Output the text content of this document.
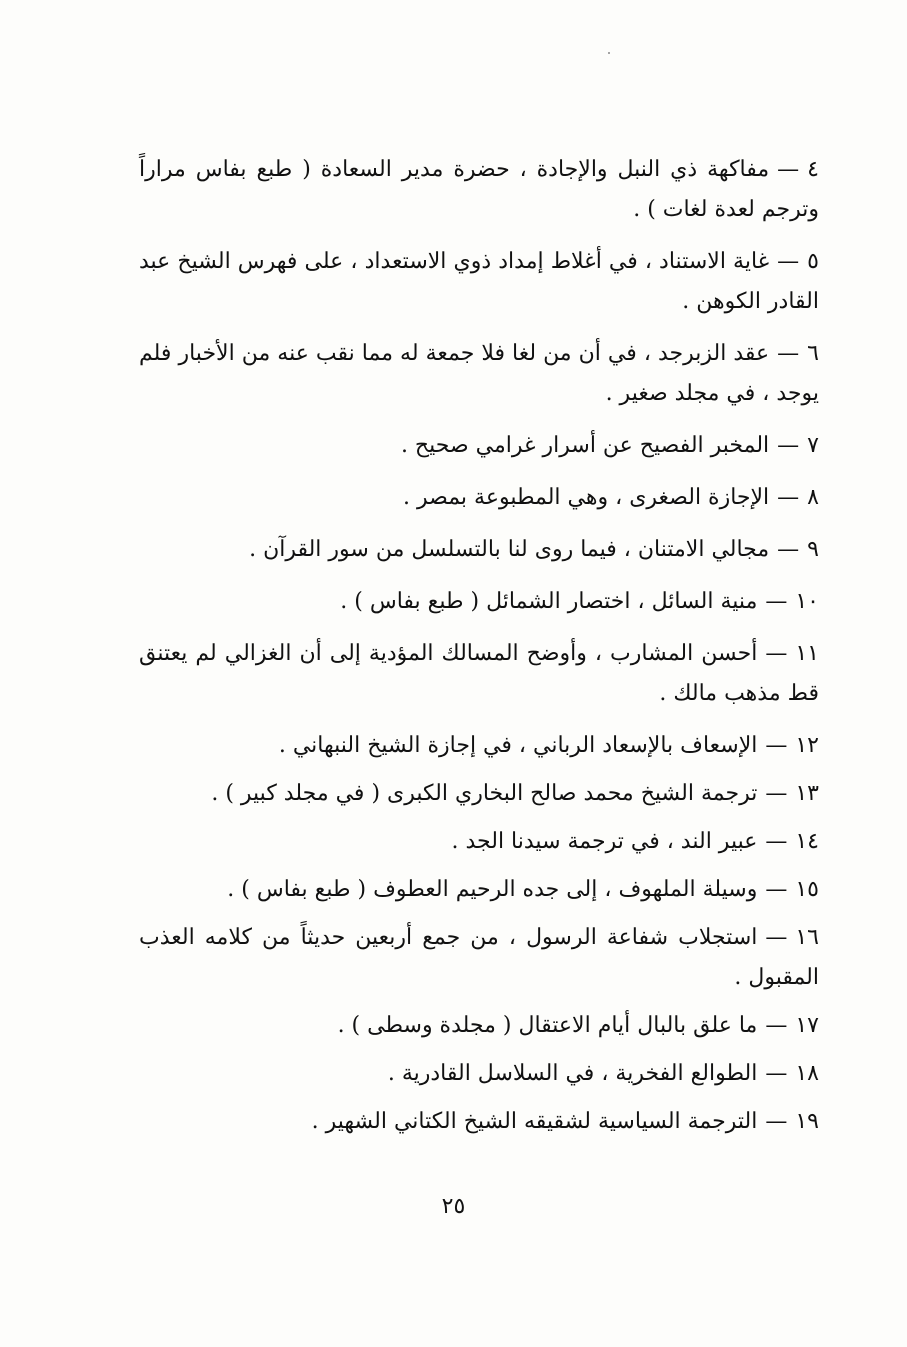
٤—مفاكهة ذي النبل والإجادة ، حضرة مدير السعادة ( طبع بفاس مراراً وترجم لعدة لغات ) .

٥—غاية الاستناد ، في أغلاط إمداد ذوي الاستعداد ، على فهرس الشيخ عبد القادر الكوهن .

٦—عقد الزبرجد ، في أن من لغا فلا جمعة له مما نقب عنه من الأخبار فلم يوجد ، في مجلد صغير .

٧—المخبر الفصيح عن أسرار غرامي صحيح .

٨—الإجازة الصغرى ، وهي المطبوعة بمصر .

٩—مجالي الامتنان ، فيما روى لنا بالتسلسل من سور القرآن .

١٠—منية السائل ، اختصار الشمائل ( طبع بفاس ) .

١١—أحسن المشارب ، وأوضح المسالك المؤدية إلى أن الغزالي لم يعتنق قط مذهب مالك .

١٢—الإسعاف بالإسعاد الرباني ، في إجازة الشيخ النبهاني .

١٣—ترجمة الشيخ محمد صالح البخاري الكبرى ( في مجلد كبير ) .

١٤—عبير الند ، في ترجمة سيدنا الجد .

١٥—وسيلة الملهوف ، إلى جده الرحيم العطوف ( طبع بفاس ) .

١٦—استجلاب شفاعة الرسول ، من جمع أربعين حديثاً من كلامه العذب المقبول .

١٧—ما علق بالبال أيام الاعتقال ( مجلدة وسطى ) .

١٨—الطوالع الفخرية ، في السلاسل القادرية .

١٩—الترجمة السياسية لشقيقه الشيخ الكتاني الشهير .

٢٥
